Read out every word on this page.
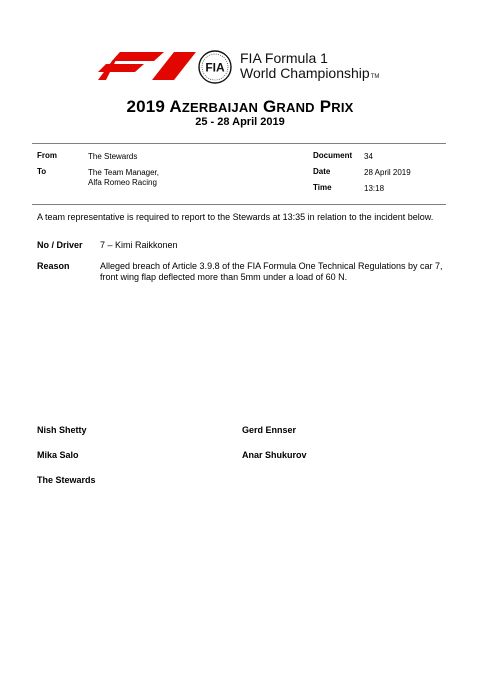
FIA
FIA Formula 1
World ChampionshipTM
2019 AZERBAIJAN GRAND PRIX
25 - 28 April 2019
From	The Stewards
To	The Team Manager,
Alfa Romeo Racing
Document 34
Date	28 April 2019
Time	13:18
A team representative is required to report to the Stewards at 13:35 in relation to the incident below.
No / Driver 7 – Kimi Raikkonen
Reason	Alleged breach of Article 3.9.8 of the FIA Formula One Technical Regulations by car 7, front wing flap deflected more than 5mm under a load of 60 N.
Nish Shetty	Gerd Ennser
Mika Salo	Anar Shukurov
The Stewards
